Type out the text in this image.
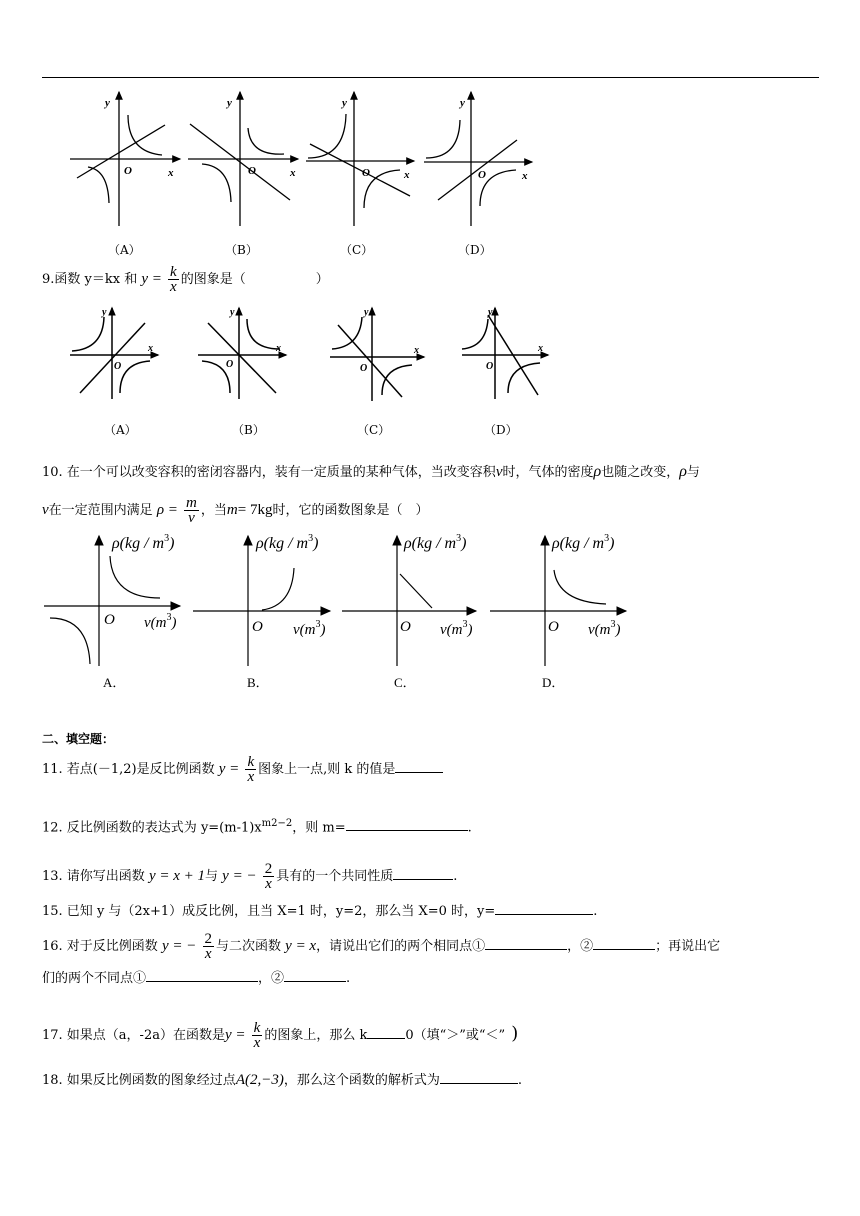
y
x
O
y
x
O
y
x
O
y
x
O
（A）	（B）	（C）	（D）
9.函数 y＝kx 和 $y = \frac{k}{x}$ 的图象是（	）
y
x
O
y
x
O
y
x
O
y
x
O
（A）	（B）	（C）	（D）
10. 在一个可以改变容积的密闭容器内，装有一定质量的某种气体，当改变容积v时，气体的密度ρ也随之改变，ρ与
v在一定范围内满足 $\rho = \frac{m}{v}$ ，当m= 7kg时，它的函数图象是（　）
$\rho(kg / m^3)$
O $v(m^3)$
$\rho(kg / m^3)$
O $v(m^3)$
$\rho(kg / m^3)$
O $v(m^3)$
$\rho(kg / m^3)$
O $v(m^3)$
A．	B．	C．	D．
二、填空题：
11. 若点(－1,2)是反比例函数 $y = \frac{k}{x}$ 图象上一点,则 k 的值是
12. 反比例函数的表达式为 $y=(m-1)x^{m2-2}$，则 m=	.
13. 请你写出函数 y = x + 1与 y = − $\frac{2}{x}$ 具有的一个共同性质	.
15. 已知 y 与（2x+1）成反比例，且当 X=1 时，y=2，那么当 X=0 时，y=	.
16. 对于反比例函数 y = − $\frac{2}{x}$ 与二次函数 y = x，请说出它们的两个相同点①	，②	；再说出它
们的两个不同点①	，②	.
17. 如果点（a，-2a）在函数是$y = \frac{k}{x}$ 的图象上，那么 k	0（填“＞”或“＜” )
18. 如果反比例函数的图象经过点A(2,−3)，那么这个函数的解析式为	.
